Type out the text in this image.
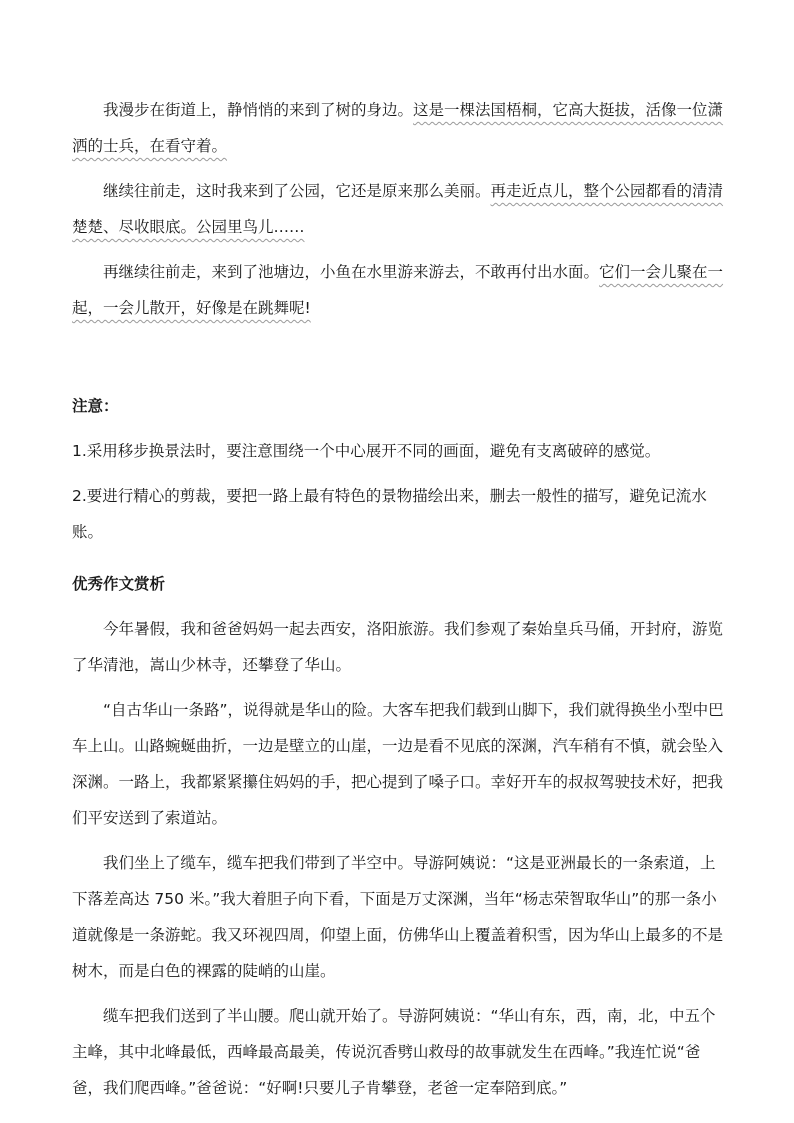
我漫步在街道上，静悄悄的来到了树的身边。这是一棵法国梧桐，它高大挺拔，活像一位潇洒的士兵，在看守着。

继续往前走，这时我来到了公园，它还是原来那么美丽。再走近点儿，整个公园都看的清清楚楚、尽收眼底。公园里鸟儿……

再继续往前走，来到了池塘边，小鱼在水里游来游去，不敢再付出水面。它们一会儿聚在一起，一会儿散开，好像是在跳舞呢!

注意：

1.采用移步换景法时，要注意围绕一个中心展开不同的画面，避免有支离破碎的感觉。

2.要进行精心的剪裁，要把一路上最有特色的景物描绘出来，删去一般性的描写，避免记流水账。

优秀作文赏析

今年暑假，我和爸爸妈妈一起去西安，洛阳旅游。我们参观了秦始皇兵马俑，开封府，游览了华清池，嵩山少林寺，还攀登了华山。

“自古华山一条路”，说得就是华山的险。大客车把我们载到山脚下，我们就得换坐小型中巴车上山。山路蜿蜒曲折，一边是壁立的山崖，一边是看不见底的深渊，汽车稍有不慎，就会坠入深渊。一路上，我都紧紧攥住妈妈的手，把心提到了嗓子口。幸好开车的叔叔驾驶技术好，把我们平安送到了索道站。

我们坐上了缆车，缆车把我们带到了半空中。导游阿姨说：“这是亚洲最长的一条索道，上下落差高达 750 米。”我大着胆子向下看，下面是万丈深渊，当年“杨志荣智取华山”的那一条小道就像是一条游蛇。我又环视四周，仰望上面，仿佛华山上覆盖着积雪，因为华山上最多的不是树木，而是白色的裸露的陡峭的山崖。

缆车把我们送到了半山腰。爬山就开始了。导游阿姨说：“华山有东，西，南，北，中五个主峰，其中北峰最低，西峰最高最美，传说沉香劈山救母的故事就发生在西峰。”我连忙说“爸爸，我们爬西峰。”爸爸说：“好啊!只要儿子肯攀登，老爸一定奉陪到底。”
